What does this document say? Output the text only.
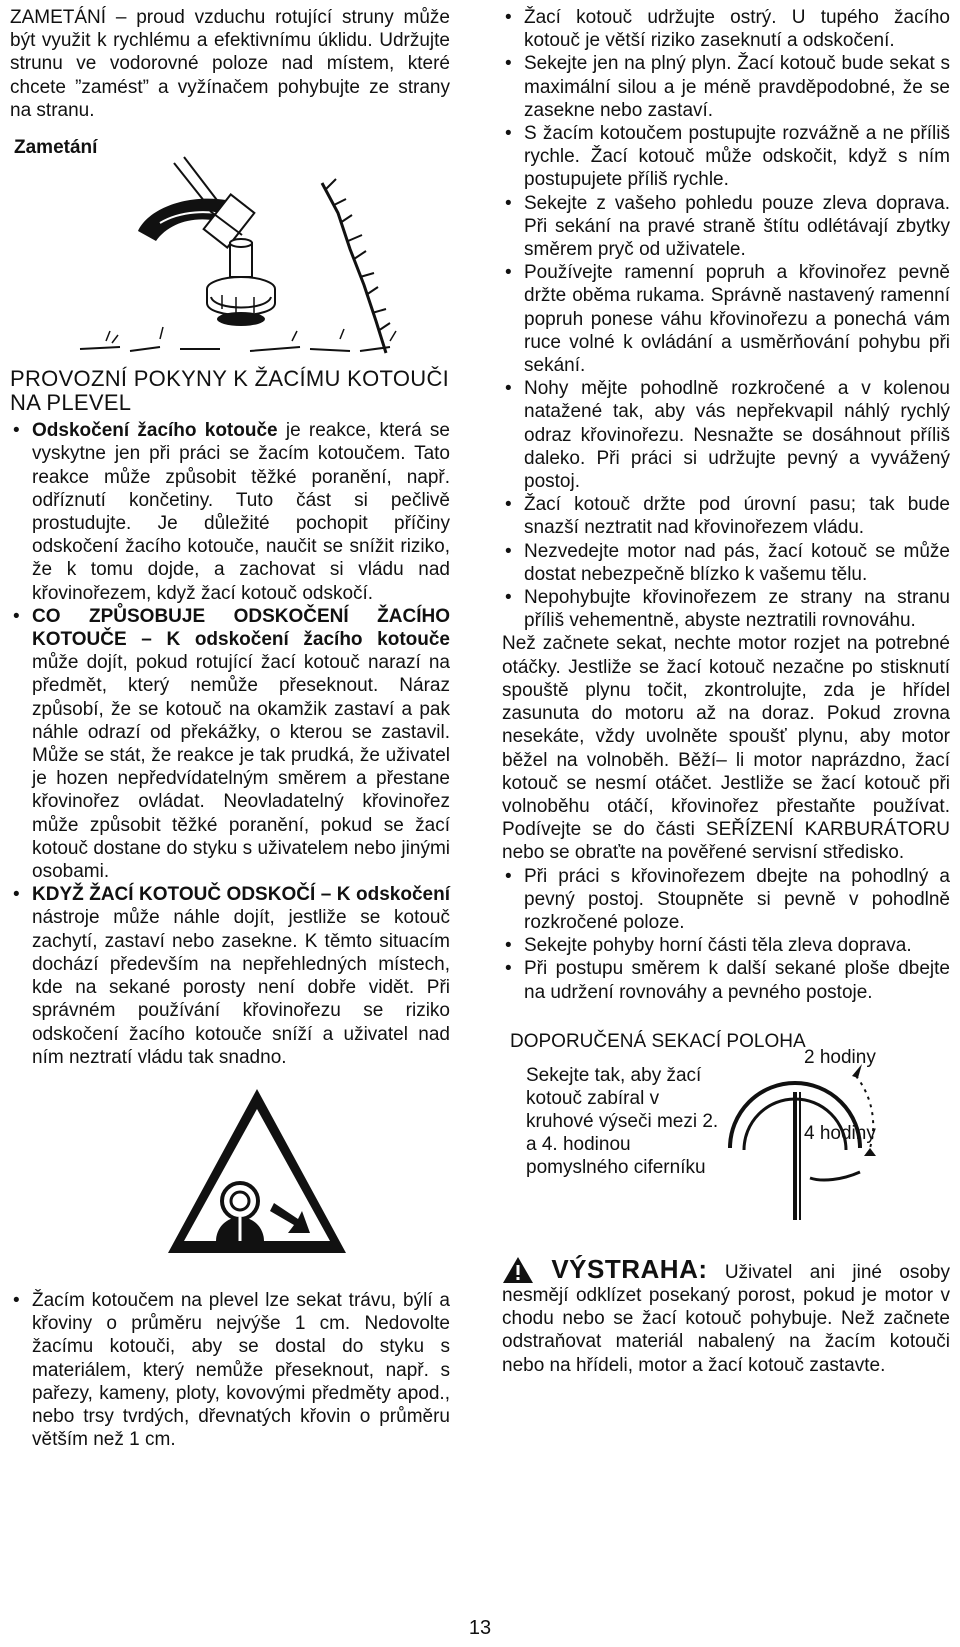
ZAMETÁNÍ – proud vzduchu rotující struny může být využit k rychlému a efektivnímu úklidu. Udržujte strunu ve vodorovné poloze nad místem, které chcete ”zamést” a vyžínačem pohybujte ze strany na stranu.

Zametání
PROVOZNÍ POKYNY K ŽACÍMU KOTOUČI NA PLEVEL
• Odskočení žacího kotouče je reakce, která se vyskytne jen při práci se žacím kotoučem. Tato reakce může způsobit těžké poranění, např. odříznutí končetiny. Tuto část si pečlivě prostudujte. Je důležité pochopit příčiny odskočení žacího kotouče, naučit se snížit riziko, že k tomu dojde, a zachovat si vládu nad křovinořezem, když žací kotouč odskočí.
• CO ZPŮSOBUJE ODSKOČENÍ ŽACÍHO KOTOUČE – K odskočení žacího kotouče může dojít, pokud rotující žací kotouč narazí na předmět, který nemůže přeseknout. Náraz způsobí, že se kotouč na okamžik zastaví a pak náhle odrazí od překážky, o kterou se zastavil. Může se stát, že reakce je tak prudká, že uživatel je hozen nepředvídatelným směrem a přestane křovinořez ovládat. Neovladatelný křovinořez může způsobit těžké poranění, pokud se žací kotouč dostane do styku s uživatelem nebo jinými osobami.
• KDYŽ ŽACÍ KOTOUČ ODSKOČÍ – K odskočení nástroje může náhle dojít, jestliže se kotouč zachytí, zastaví nebo zasekne. K těmto situacím dochází především na nepřehledných místech, kde na sekané porosty není dobře vidět. Při správném používání křovinořezu se riziko odskočení žacího kotouče sníží a uživatel nad ním neztratí vládu tak snadno.
• Žacím kotoučem na plevel lze sekat trávu, býlí a křoviny o průměru nejvýše 1 cm. Nedovolte žacímu kotouči, aby se dostal do styku s materiálem, který nemůže přeseknout, např. s pařezy, kameny, ploty, kovovými předměty apod., nebo trsy tvrdých, dřevnatých křovin o průměru větším než 1 cm.
• Žací kotouč udržujte ostrý. U tupého žacího kotouč je větší riziko zaseknutí a odskočení.
• Sekejte jen na plný plyn. Žací kotouč bude sekat s maximální silou a je méně pravděpodobné, že se zasekne nebo zastaví.
• S žacím kotoučem postupujte rozvážně a ne příliš rychle. Žací kotouč může odskočit, když s ním postupujete příliš rychle.
• Sekejte z vašeho pohledu pouze zleva doprava. Při sekání na pravé straně štítu odlétávají zbytky směrem pryč od uživatele.
• Používejte ramenní popruh a křovinořez pevně držte oběma rukama. Správně nastavený ramenní popruh ponese váhu křovinořezu a ponechá vám ruce volné k ovládání a usměrňování pohybu při sekání.
• Nohy mějte pohodlně rozkročené a v kolenou natažené tak, aby vás nepřekvapil náhlý rychlý odraz křovinořezu. Nesnažte se dosáhnout příliš daleko. Při práci si udržujte pevný a vyvážený postoj.
• Žací kotouč držte pod úrovní pasu; tak bude snazší neztratit nad křovinořezem vládu.
• Nezvedejte motor nad pás, žací kotouč se může dostat nebezpečně blízko k vašemu tělu.
• Nepohybujte křovinořezem ze strany na stranu příliš vehementně, abyste neztratili rovnováhu.

Než začnete sekat, nechte motor rozjet na potrebné otáčky. Jestliže se žací kotouč nezačne po stisknutí spouště plynu točit, zkontrolujte, zda je hřídel zasunuta do motoru až na doraz. Pokud zrovna nesekáte, vždy uvolněte spoušť plynu, aby motor běžel na volnoběh. Běží– li motor naprázdno, žací kotouč se nesmí otáčet. Jestliže se žací kotouč při volnoběhu otáčí, křovinořez přestaňte používat. Podívejte se do části SEŘÍZENÍ KARBURÁTORU nebo se obraťte na pověřené servisní středisko.

• Při práci s křovinořezem dbejte na pohodlný a pevný postoj. Stoupněte si pevně v pohodlně rozkročené poloze.
• Sekejte pohyby horní části těla zleva doprava.
• Při postupu směrem k další sekané ploše dbejte na udržení rovnováhy a pevného postoje.
DOPORUČENÁ SEKACÍ POLOHA
Sekejte tak, aby žací kotouč zabíral v kruhové výseči mezi 2. a 4. hodinou pomyslného ciferníku
2 hodiny
4 hodiny
VÝSTRAHA: Uživatel ani jiné osoby nesmějí odklízet posekaný porost, pokud je motor v chodu nebo se žací kotouč pohybuje. Než začnete odstraňovat materiál nabalený na žacím kotouči nebo na hřídeli, motor a žací kotouč zastavte.
13
